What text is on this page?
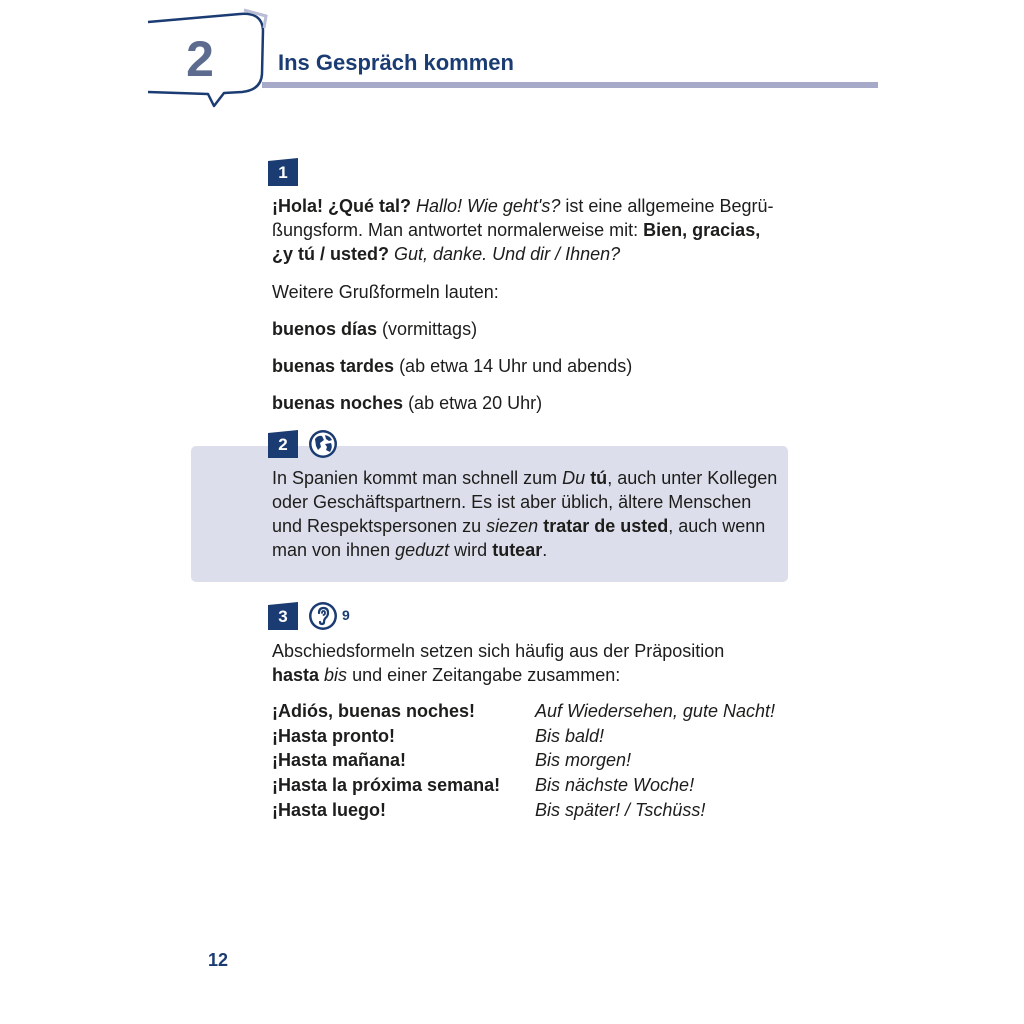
2	Ins Gespräch kommen
1
¡Hola! ¿Qué tal? Hallo! Wie geht's? ist eine allgemeine Begrü-
ßungsform. Man antwortet normalerweise mit: Bien, gracias,
¿y tú / usted? Gut, danke. Und dir / Ihnen?
Weitere Grußformeln lauten:
buenos días (vormittags)
buenas tardes (ab etwa 14 Uhr und abends)
buenas noches (ab etwa 20 Uhr)
2
In Spanien kommt man schnell zum Du tú, auch unter Kollegen
oder Geschäftspartnern. Es ist aber üblich, ältere Menschen
und Respektspersonen zu siezen tratar de usted, auch wenn
man von ihnen geduzt wird tutear.
3	9
Abschiedsformeln setzen sich häufig aus der Präposition
hasta bis und einer Zeitangabe zusammen:
¡Adiós, buenas noches!	Auf Wiedersehen, gute Nacht!
¡Hasta pronto!	Bis bald!
¡Hasta mañana!	Bis morgen!
¡Hasta la próxima semana! Bis nächste Woche!
¡Hasta luego!	Bis später! / Tschüss!
12
